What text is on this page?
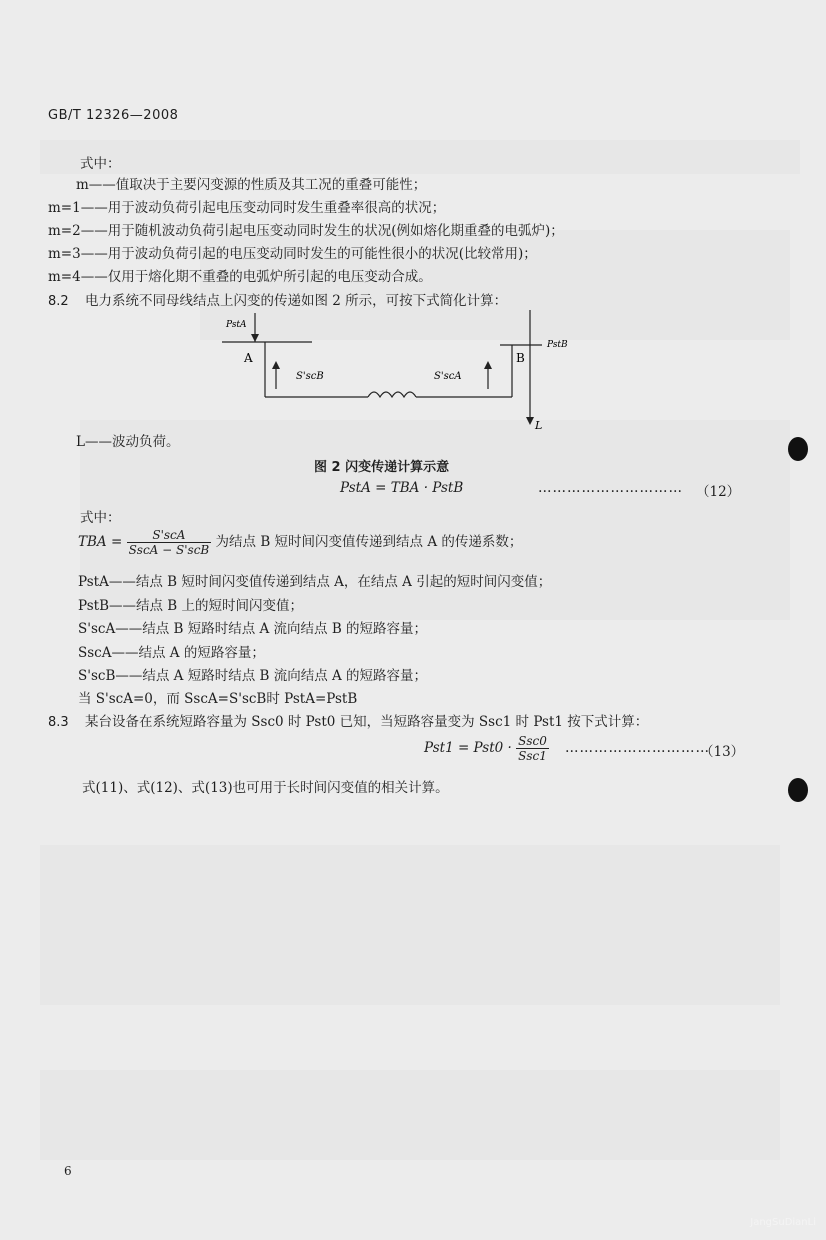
GB/T 12326—2008
式中：
m——值取决于主要闪变源的性质及其工况的重叠可能性；
m=1——用于波动负荷引起电压变动同时发生重叠率很高的状况；
m=2——用于随机波动负荷引起电压变动同时发生的状况(例如熔化期重叠的电弧炉)；
m=3——用于波动负荷引起的电压变动同时发生的可能性很小的状况(比较常用)；
m=4——仅用于熔化期不重叠的电弧炉所引起的电压变动合成。
8.2 电力系统不同母线结点上闪变的传递如图 2 所示，可按下式简化计算：
PstA
A
S'scB	S'scA
B
PstB
L
L——波动负荷。
图 2 闪变传递计算示意
PstA = TBA · PstB	………………………… （12）
式中：
TBA = $\frac{\text{S'scA}}{\text{SscA − S'scB}}$ 为结点 B 短时间闪变值传递到结点 A 的传递系数；
PstA——结点 B 短时间闪变值传递到结点 A，在结点 A 引起的短时间闪变值；
PstB——结点 B 上的短时间闪变值；
S'scA——结点 B 短路时结点 A 流向结点 B 的短路容量；
SscA——结点 A 的短路容量；
S'scB——结点 A 短路时结点 B 流向结点 A 的短路容量；
当 S'scA=0，而 SscA=S'scB时 PstA=PstB
8.3 某台设备在系统短路容量为 Ssc0 时 Pst0 已知，当短路容量变为 Ssc1 时 Pst1 按下式计算：
$Pst1 = Pst0 \cdot \frac{\text{Ssc0}}{\text{Ssc1}}$ …………………………
（13）
式(11)、式(12)、式(13)也可用于长时间闪变值的相关计算。
6
JangSuDianLi
